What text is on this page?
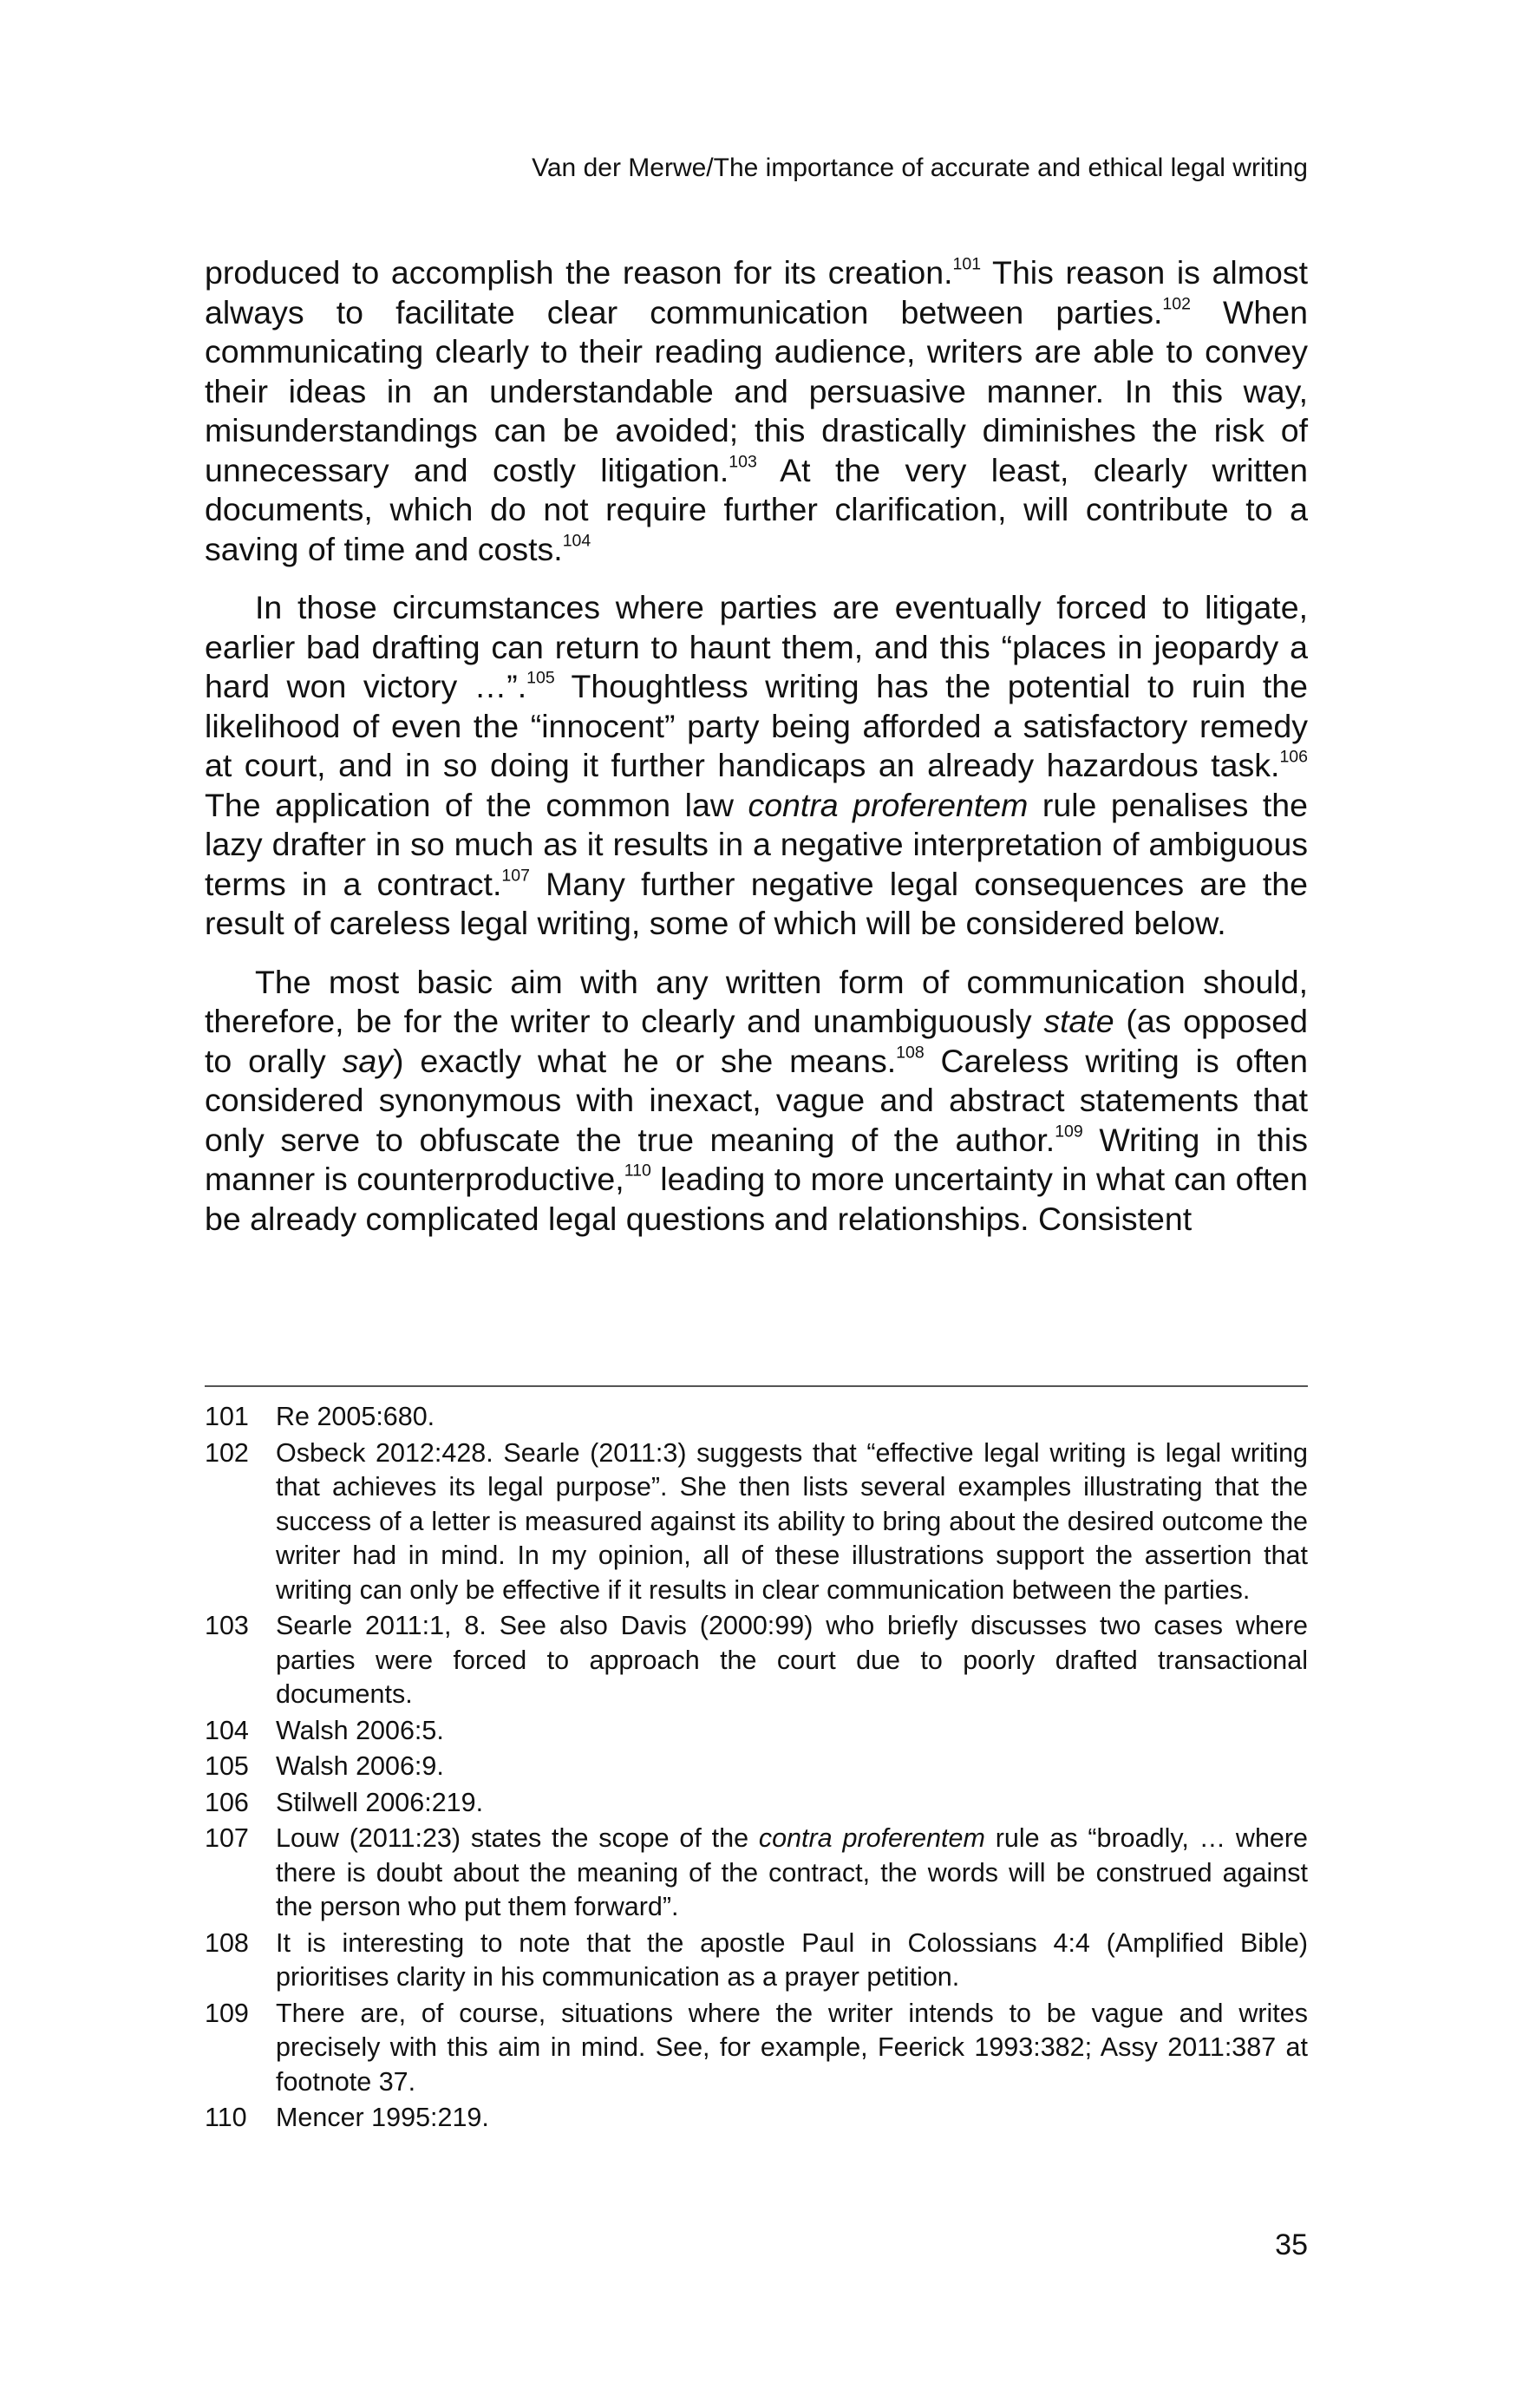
Van der Merwe/The importance of accurate and ethical legal writing

produced to accomplish the reason for its creation.$^{101}$ This reason is almost always to facilitate clear communication between parties.$^{102}$ When communicating clearly to their reading audience, writers are able to convey their ideas in an understandable and persuasive manner. In this way, misunderstandings can be avoided; this drastically diminishes the risk of unnecessary and costly litigation.$^{103}$ At the very least, clearly written documents, which do not require further clarification, will contribute to a saving of time and costs.$^{104}$

In those circumstances where parties are eventually forced to litigate, earlier bad drafting can return to haunt them, and this “places in jeopardy a hard won victory …”.$^{105}$ Thoughtless writing has the potential to ruin the likelihood of even the “innocent” party being afforded a satisfactory remedy at court, and in so doing it further handicaps an already hazardous task.$^{106}$ The application of the common law contra proferentem rule penalises the lazy drafter in so much as it results in a negative interpretation of ambiguous terms in a contract.$^{107}$ Many further negative legal consequences are the result of careless legal writing, some of which will be considered below.

The most basic aim with any written form of communication should, therefore, be for the writer to clearly and unambiguously state (as opposed to orally say) exactly what he or she means.$^{108}$ Careless writing is often considered synonymous with inexact, vague and abstract statements that only serve to obfuscate the true meaning of the author.$^{109}$ Writing in this manner is counterproductive,$^{110}$ leading to more uncertainty in what can often be already complicated legal questions and relationships. Consistent

101	Re 2005:680.
102	Osbeck 2012:428. Searle (2011:3) suggests that “effective legal writing is legal writing that achieves its legal purpose”. She then lists several examples illustrating that the success of a letter is measured against its ability to bring about the desired outcome the writer had in mind. In my opinion, all of these illustrations support the assertion that writing can only be effective if it results in clear communication between the parties.
103	Searle 2011:1, 8. See also Davis (2000:99) who briefly discusses two cases where parties were forced to approach the court due to poorly drafted transactional documents.
104	Walsh 2006:5.
105	Walsh 2006:9.
106	Stilwell 2006:219.
107	Louw (2011:23) states the scope of the contra proferentem rule as “broadly, … where there is doubt about the meaning of the contract, the words will be construed against the person who put them forward”.
108	It is interesting to note that the apostle Paul in Colossians 4:4 (Amplified Bible) prioritises clarity in his communication as a prayer petition.
109	There are, of course, situations where the writer intends to be vague and writes precisely with this aim in mind. See, for example, Feerick 1993:382; Assy 2011:387 at footnote 37.
110	Mencer 1995:219.
35
